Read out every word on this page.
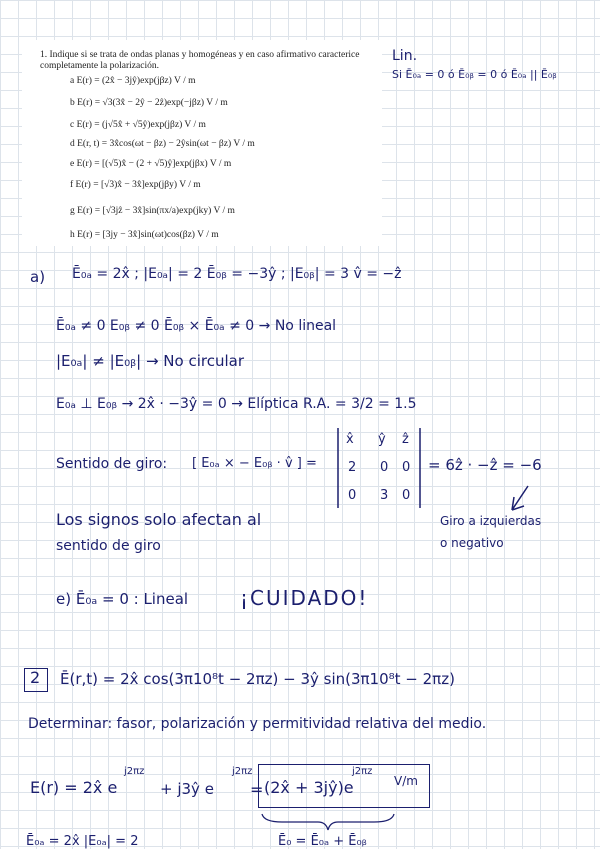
1. Indique si se trata de ondas planas y homogéneas y en caso afirmativo caracterice completamente la polarización.
a E(r) = (2x̂ − 3jŷ)exp(jβz) V / m
b E(r) = √3(3x̂ − 2ŷ − 2ẑ)exp(−jβz) V / m
c E(r) = (j√5x̂ + √5ŷ)exp(jβz) V / m
d E(r, t) = 3x̂cos(ωt − βz) − 2ŷsin(ωt − βz) V / m
e E(r) = [(√5)x̂ − (2 + √5)ŷ]exp(jβx) V / m
f E(r) = [√3)x̂ − 3x̂]exp(jβy) V / m
g E(r) = [√3jẑ − 3x̂]sin(πx/a)exp(jky) V / m
h E(r) = [3jy − 3x̂]sin(ωt)cos(βz) V / m
Lin.
Si Ē₀ₐ = 0 ó Ē₀ᵦ = 0 ó Ē₀ₐ || Ē₀ᵦ
a) Ē₀ₐ = 2x̂ ; |E₀ₐ| = 2 Ē₀ᵦ = −3ŷ ; |E₀ᵦ| = 3 v̂ = −ẑ
Ē₀ₐ ≠ 0 E₀ᵦ ≠ 0 Ē₀ᵦ × Ē₀ₐ ≠ 0 → No lineal
|E₀ₐ| ≠ |E₀ᵦ| → No circular
E₀ₐ ⊥ E₀ᵦ → 2x̂ · −3ŷ = 0 → Elíptica R.A. = 3/2 = 1.5
Sentido de giro: [ E₀ₐ × − E₀ᵦ · v̂ ] =
x̂ ŷ ẑ
2 0 0
0 3 0
= 6ẑ · −ẑ = −6
Giro a izquierdas
o negativo
Los signos solo afectan al
sentido de giro
e) Ē₀ₐ = 0 : Lineal	¡CUIDADO!
2 Ē(r,t) = 2x̂ cos(3π10⁸t − 2πz) − 3ŷ sin(3π10⁸t − 2πz)
Determinar: fasor, polarización y permitividad relativa del medio.
E(r) = 2x̂ e
j2πz
+ j3ŷ e
j2πz
= (2x̂ + 3jŷ)e
j2πz
V/m
Ē₀ₐ = 2x̂ |E₀ₐ| = 2	Ē₀ = Ē₀ₐ + Ē₀ᵦ
